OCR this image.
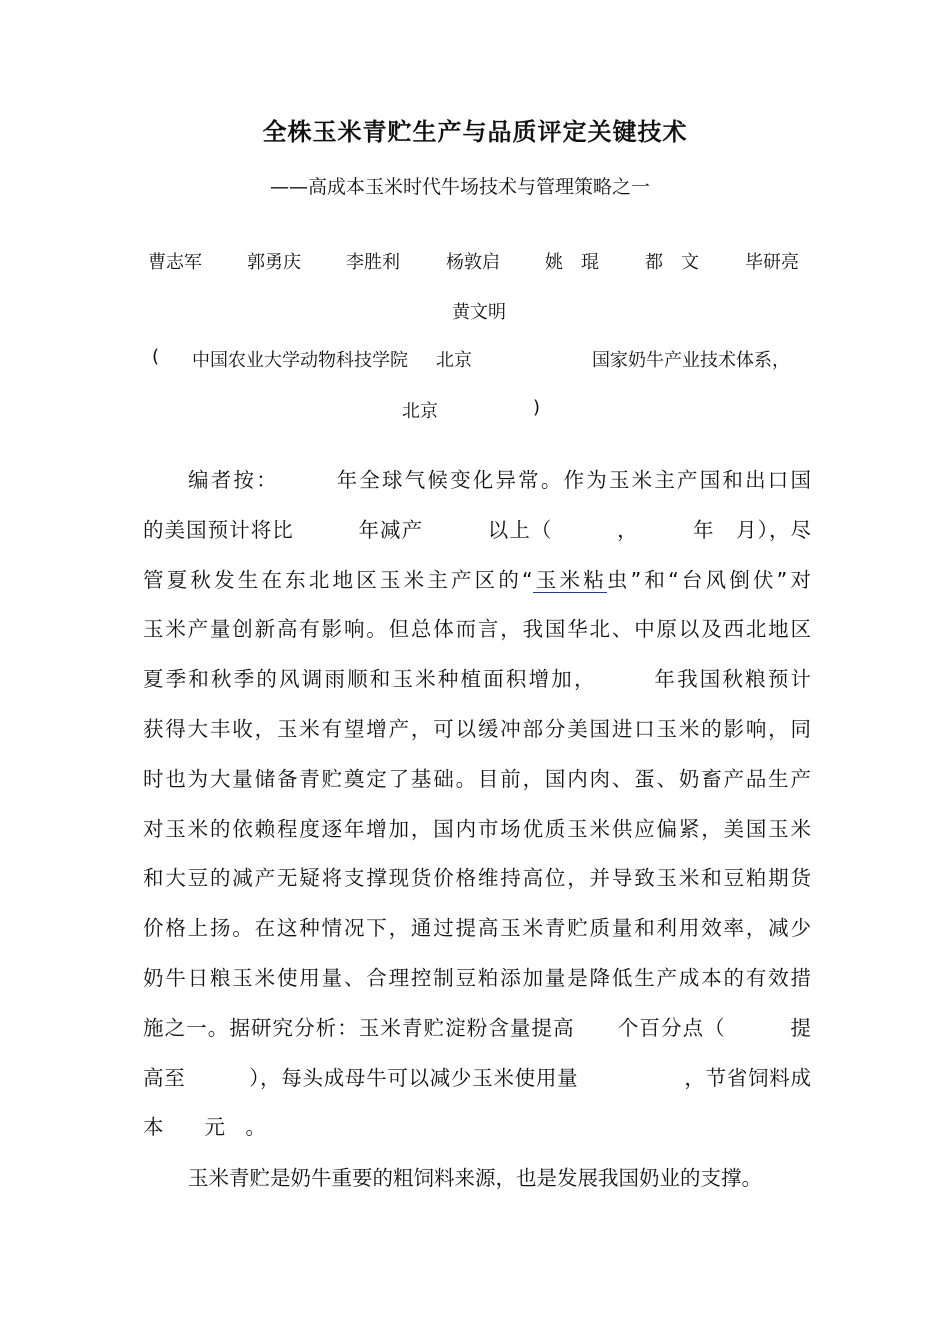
全株玉米青贮生产与品质评定关键技术
——高成本玉米时代牛场技术与管理策略之一
曹志军	郭勇庆	李胜利	杨敦启	姚　琨	都　文	毕研亮
黄文明
( 中国农业大学动物科技学院 北京	国家奶牛产业技术体系，
北京	)
编者按：　　　年全球气候变化异常。作为玉米主产国和出口国
的美国预计将比　　　年减产　　　以上（　　　，　　　年　月），尽
管夏秋发生在东北地区玉米主产区的“玉米粘虫”和“台风倒伏”对
玉米产量创新高有影响。但总体而言，我国华北、中原以及西北地区
夏季和秋季的风调雨顺和玉米种植面积增加，　　　年我国秋粮预计
获得大丰收，玉米有望增产，可以缓冲部分美国进口玉米的影响，同
时也为大量储备青贮奠定了基础。目前，国内肉、蛋、奶畜产品生产
对玉米的依赖程度逐年增加，国内市场优质玉米供应偏紧，美国玉米
和大豆的减产无疑将支撑现货价格维持高位，并导致玉米和豆粕期货
价格上扬。在这种情况下，通过提高玉米青贮质量和利用效率，减少
奶牛日粮玉米使用量、合理控制豆粕添加量是降低生产成本的有效措
施之一。据研究分析：玉米青贮淀粉含量提高　　个百分点（　　　提
高至　　　），每头成母牛可以减少玉米使用量　　　　　，节省饲料成
本　　元　。
玉米青贮是奶牛重要的粗饲料来源，也是发展我国奶业的支撑。
